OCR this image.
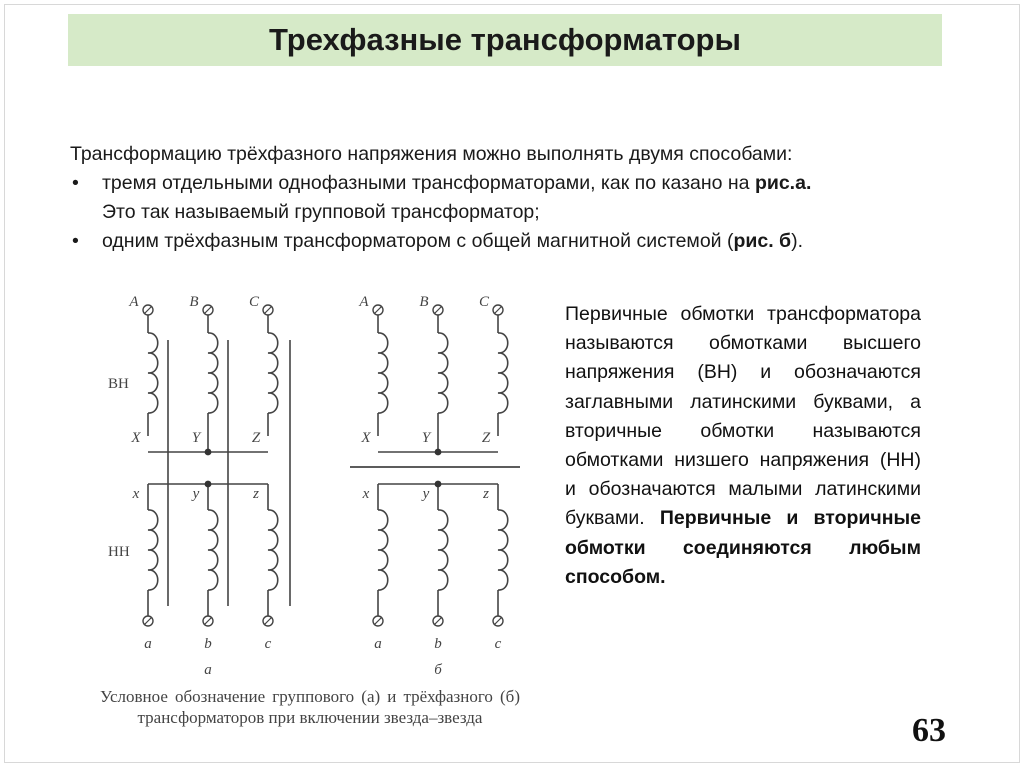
Трехфазные трансформаторы

Трансформацию трёхфазного напряжения можно выполнять двумя способами:

• тремя отдельными однофазными трансформаторами, как по казано на рис.а.
Это так называемый групповой трансформатор;
• одним трёхфазным трансформатором с общей магнитной системой (рис. б).
A
X
x
a
B
Y
y
b
C
Z
z
c
ВН
НН
а
A
X
x
a
B
Y
y
b
C
Z
z
c
б
Условное обозначение группового (а) и трёхфазного (б) трансформаторов при включении звезда–звезда

Первичные обмотки трансформатора называются обмотками высшего напряжения (ВН) и обозначаются заглавными латинскими буквами, а вторичные обмотки называются обмотками низшего напряжения (НН) и обозначаются малыми латинскими буквами. Первичные и вторичные обмотки соединяются любым способом.

63
